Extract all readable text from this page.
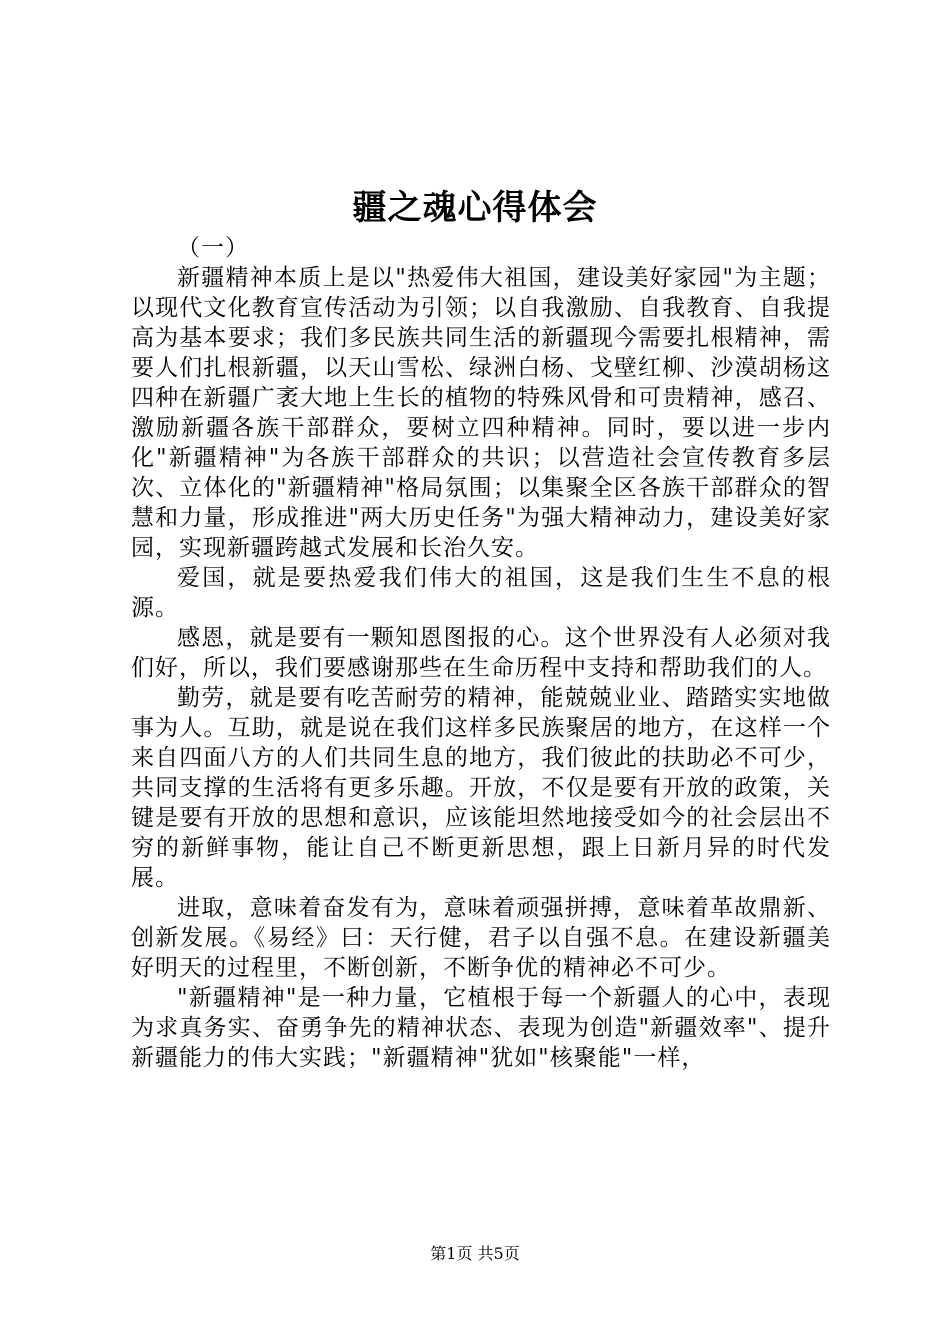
疆之魂心得体会

（一）

新疆精神本质上是以"热爱伟大祖国，建设美好家园"为主题；以现代文化教育宣传活动为引领；以自我激励、自我教育、自我提高为基本要求；我们多民族共同生活的新疆现今需要扎根精神，需要人们扎根新疆，以天山雪松、绿洲白杨、戈壁红柳、沙漠胡杨这四种在新疆广袤大地上生长的植物的特殊风骨和可贵精神，感召、激励新疆各族干部群众，要树立四种精神。同时，要以进一步内化"新疆精神"为各族干部群众的共识；以营造社会宣传教育多层次、立体化的"新疆精神"格局氛围；以集聚全区各族干部群众的智慧和力量，形成推进"两大历史任务"为强大精神动力，建设美好家园，实现新疆跨越式发展和长治久安。

爱国，就是要热爱我们伟大的祖国，这是我们生生不息的根源。

感恩，就是要有一颗知恩图报的心。这个世界没有人必须对我们好，所以，我们要感谢那些在生命历程中支持和帮助我们的人。

勤劳，就是要有吃苦耐劳的精神，能兢兢业业、踏踏实实地做事为人。互助，就是说在我们这样多民族聚居的地方，在这样一个来自四面八方的人们共同生息的地方，我们彼此的扶助必不可少，共同支撑的生活将有更多乐趣。开放，不仅是要有开放的政策，关键是要有开放的思想和意识，应该能坦然地接受如今的社会层出不穷的新鲜事物，能让自己不断更新思想，跟上日新月异的时代发展。

进取，意味着奋发有为，意味着顽强拼搏，意味着革故鼎新、创新发展。《易经》曰：天行健，君子以自强不息。在建设新疆美好明天的过程里，不断创新，不断争优的精神必不可少。

"新疆精神"是一种力量，它植根于每一个新疆人的心中，表现为求真务实、奋勇争先的精神状态、表现为创造"新疆效率"、提升新疆能力的伟大实践；"新疆精神"犹如"核聚能"一样，

第1页 共5页
